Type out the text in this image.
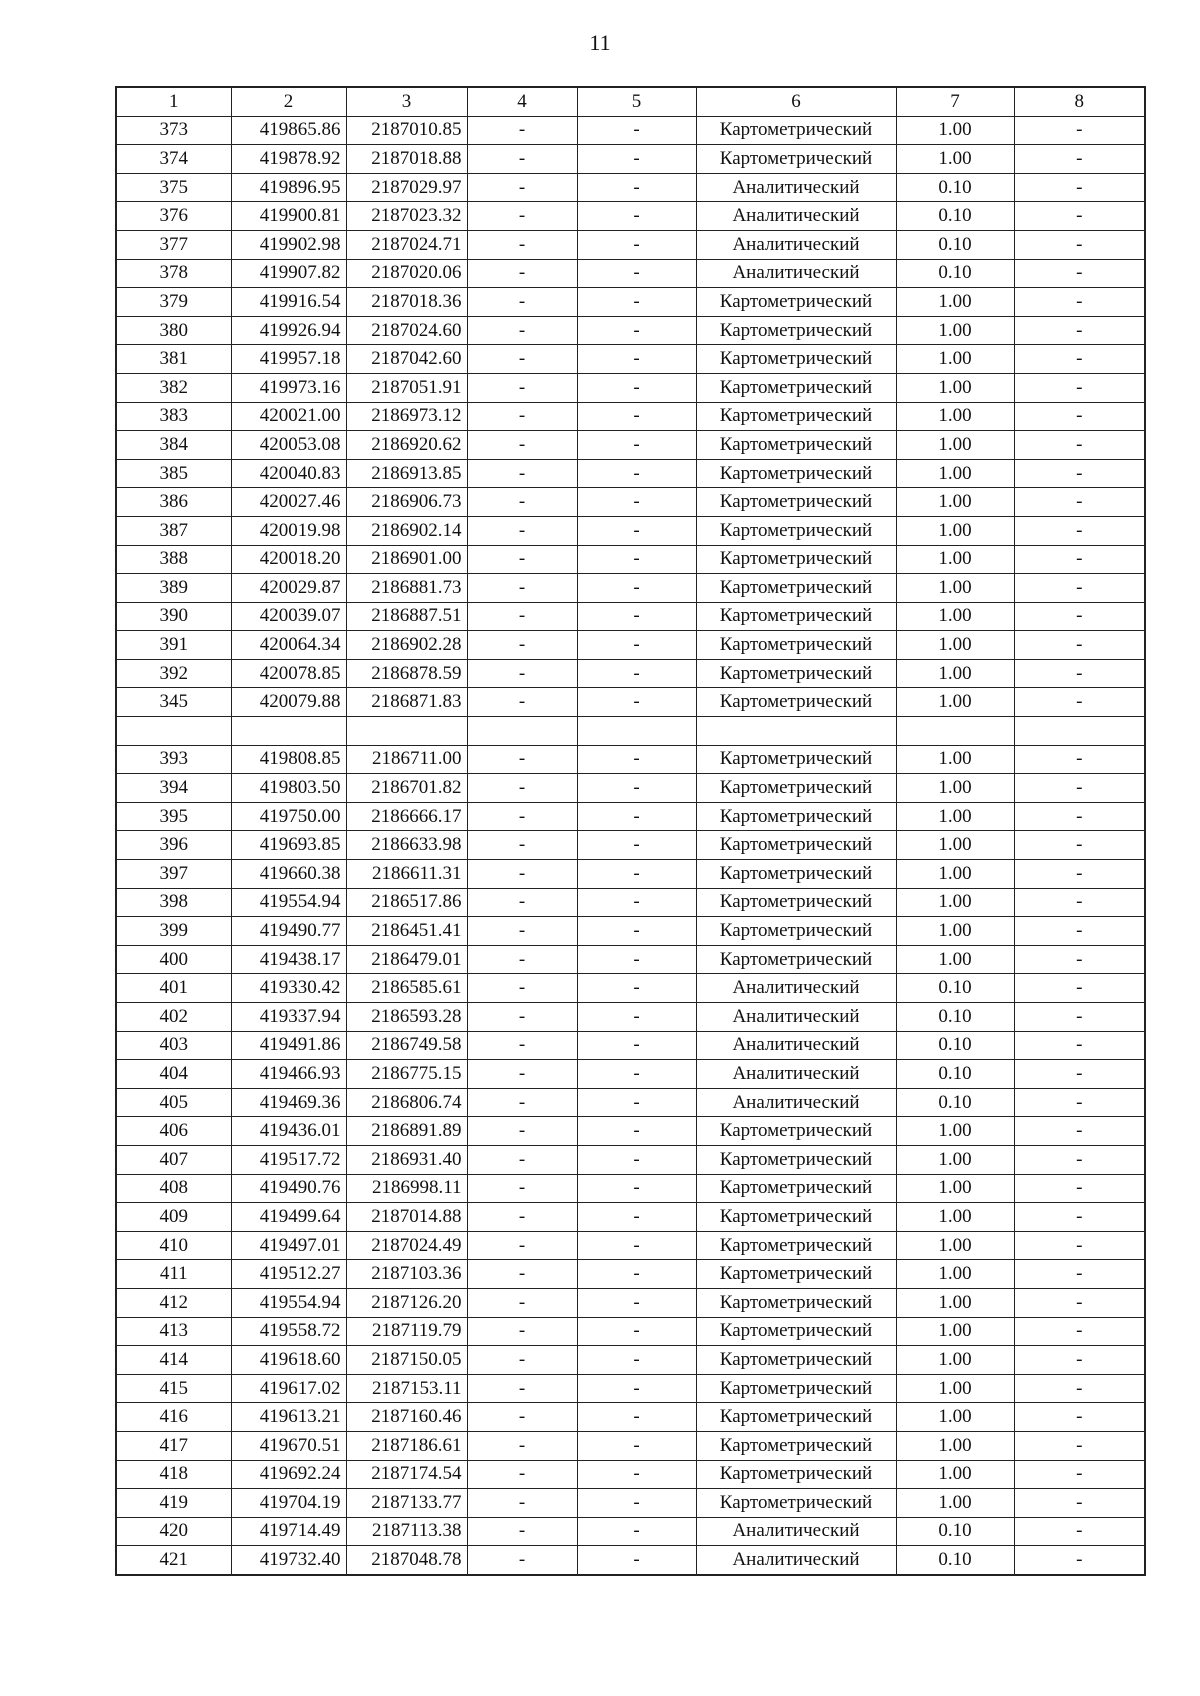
11
1	2	3	4	5	6	7	8
373	419865.86	2187010.85	-	-	Картометрический	1.00	-
374	419878.92	2187018.88	-	-	Картометрический	1.00	-
375	419896.95	2187029.97	-	-	Аналитический	0.10	-
376	419900.81	2187023.32	-	-	Аналитический	0.10	-
377	419902.98	2187024.71	-	-	Аналитический	0.10	-
378	419907.82	2187020.06	-	-	Аналитический	0.10	-
379	419916.54	2187018.36	-	-	Картометрический	1.00	-
380	419926.94	2187024.60	-	-	Картометрический	1.00	-
381	419957.18	2187042.60	-	-	Картометрический	1.00	-
382	419973.16	2187051.91	-	-	Картометрический	1.00	-
383	420021.00	2186973.12	-	-	Картометрический	1.00	-
384	420053.08	2186920.62	-	-	Картометрический	1.00	-
385	420040.83	2186913.85	-	-	Картометрический	1.00	-
386	420027.46	2186906.73	-	-	Картометрический	1.00	-
387	420019.98	2186902.14	-	-	Картометрический	1.00	-
388	420018.20	2186901.00	-	-	Картометрический	1.00	-
389	420029.87	2186881.73	-	-	Картометрический	1.00	-
390	420039.07	2186887.51	-	-	Картометрический	1.00	-
391	420064.34	2186902.28	-	-	Картометрический	1.00	-
392	420078.85	2186878.59	-	-	Картометрический	1.00	-
345	420079.88	2186871.83	-	-	Картометрический	1.00	-

393	419808.85	2186711.00	-	-	Картометрический	1.00	-
394	419803.50	2186701.82	-	-	Картометрический	1.00	-
395	419750.00	2186666.17	-	-	Картометрический	1.00	-
396	419693.85	2186633.98	-	-	Картометрический	1.00	-
397	419660.38	2186611.31	-	-	Картометрический	1.00	-
398	419554.94	2186517.86	-	-	Картометрический	1.00	-
399	419490.77	2186451.41	-	-	Картометрический	1.00	-
400	419438.17	2186479.01	-	-	Картометрический	1.00	-
401	419330.42	2186585.61	-	-	Аналитический	0.10	-
402	419337.94	2186593.28	-	-	Аналитический	0.10	-
403	419491.86	2186749.58	-	-	Аналитический	0.10	-
404	419466.93	2186775.15	-	-	Аналитический	0.10	-
405	419469.36	2186806.74	-	-	Аналитический	0.10	-
406	419436.01	2186891.89	-	-	Картометрический	1.00	-
407	419517.72	2186931.40	-	-	Картометрический	1.00	-
408	419490.76	2186998.11	-	-	Картометрический	1.00	-
409	419499.64	2187014.88	-	-	Картометрический	1.00	-
410	419497.01	2187024.49	-	-	Картометрический	1.00	-
411	419512.27	2187103.36	-	-	Картометрический	1.00	-
412	419554.94	2187126.20	-	-	Картометрический	1.00	-
413	419558.72	2187119.79	-	-	Картометрический	1.00	-
414	419618.60	2187150.05	-	-	Картометрический	1.00	-
415	419617.02	2187153.11	-	-	Картометрический	1.00	-
416	419613.21	2187160.46	-	-	Картометрический	1.00	-
417	419670.51	2187186.61	-	-	Картометрический	1.00	-
418	419692.24	2187174.54	-	-	Картометрический	1.00	-
419	419704.19	2187133.77	-	-	Картометрический	1.00	-
420	419714.49	2187113.38	-	-	Аналитический	0.10	-
421	419732.40	2187048.78	-	-	Аналитический	0.10	-
